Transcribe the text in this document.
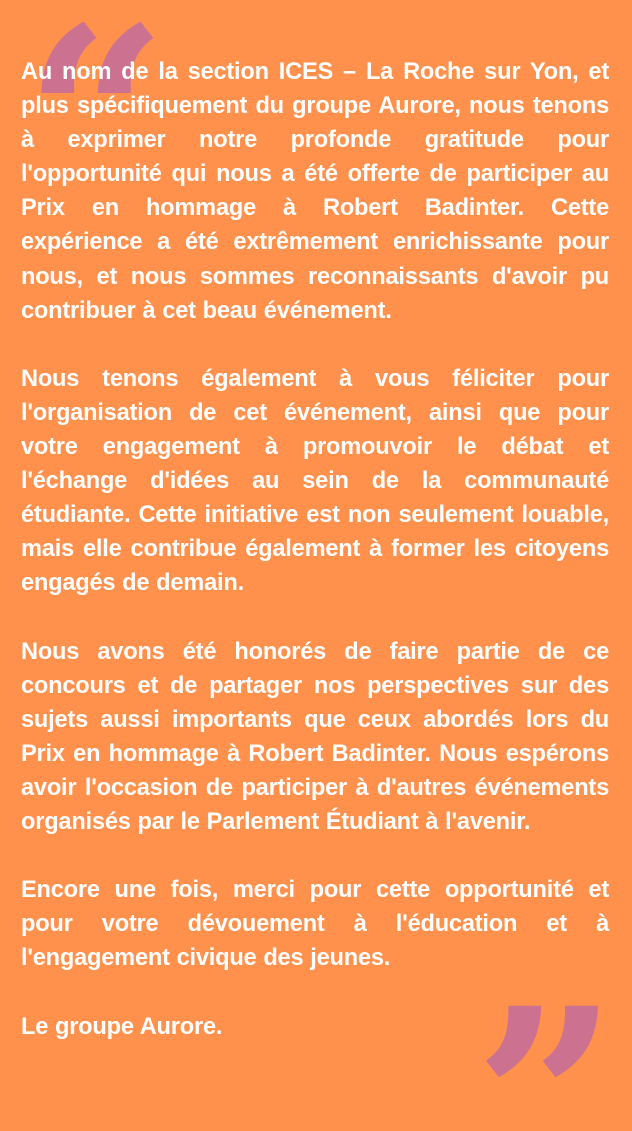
“
”

Au nom de la section ICES – La Roche sur Yon, et plus spécifiquement du groupe Aurore, nous tenons à exprimer notre profonde gratitude pour l'opportunité qui nous a été offerte de participer au Prix en hommage à Robert Badinter. Cette expérience a été extrêmement enrichissante pour nous, et nous sommes reconnaissants d'avoir pu contribuer à cet beau événement.

Nous tenons également à vous féliciter pour l'organisation de cet événement, ainsi que pour votre engagement à promouvoir le débat et l'échange d'idées au sein de la communauté étudiante. Cette initiative est non seulement louable, mais elle contribue également à former les citoyens engagés de demain.

Nous avons été honorés de faire partie de ce concours et de partager nos perspectives sur des sujets aussi importants que ceux abordés lors du Prix en hommage à Robert Badinter. Nous espérons avoir l'occasion de participer à d'autres événements organisés par le Parlement Étudiant à l'avenir.

Encore une fois, merci pour cette opportunité et pour votre dévouement à l'éducation et à l'engagement civique des jeunes.

Le groupe Aurore.
